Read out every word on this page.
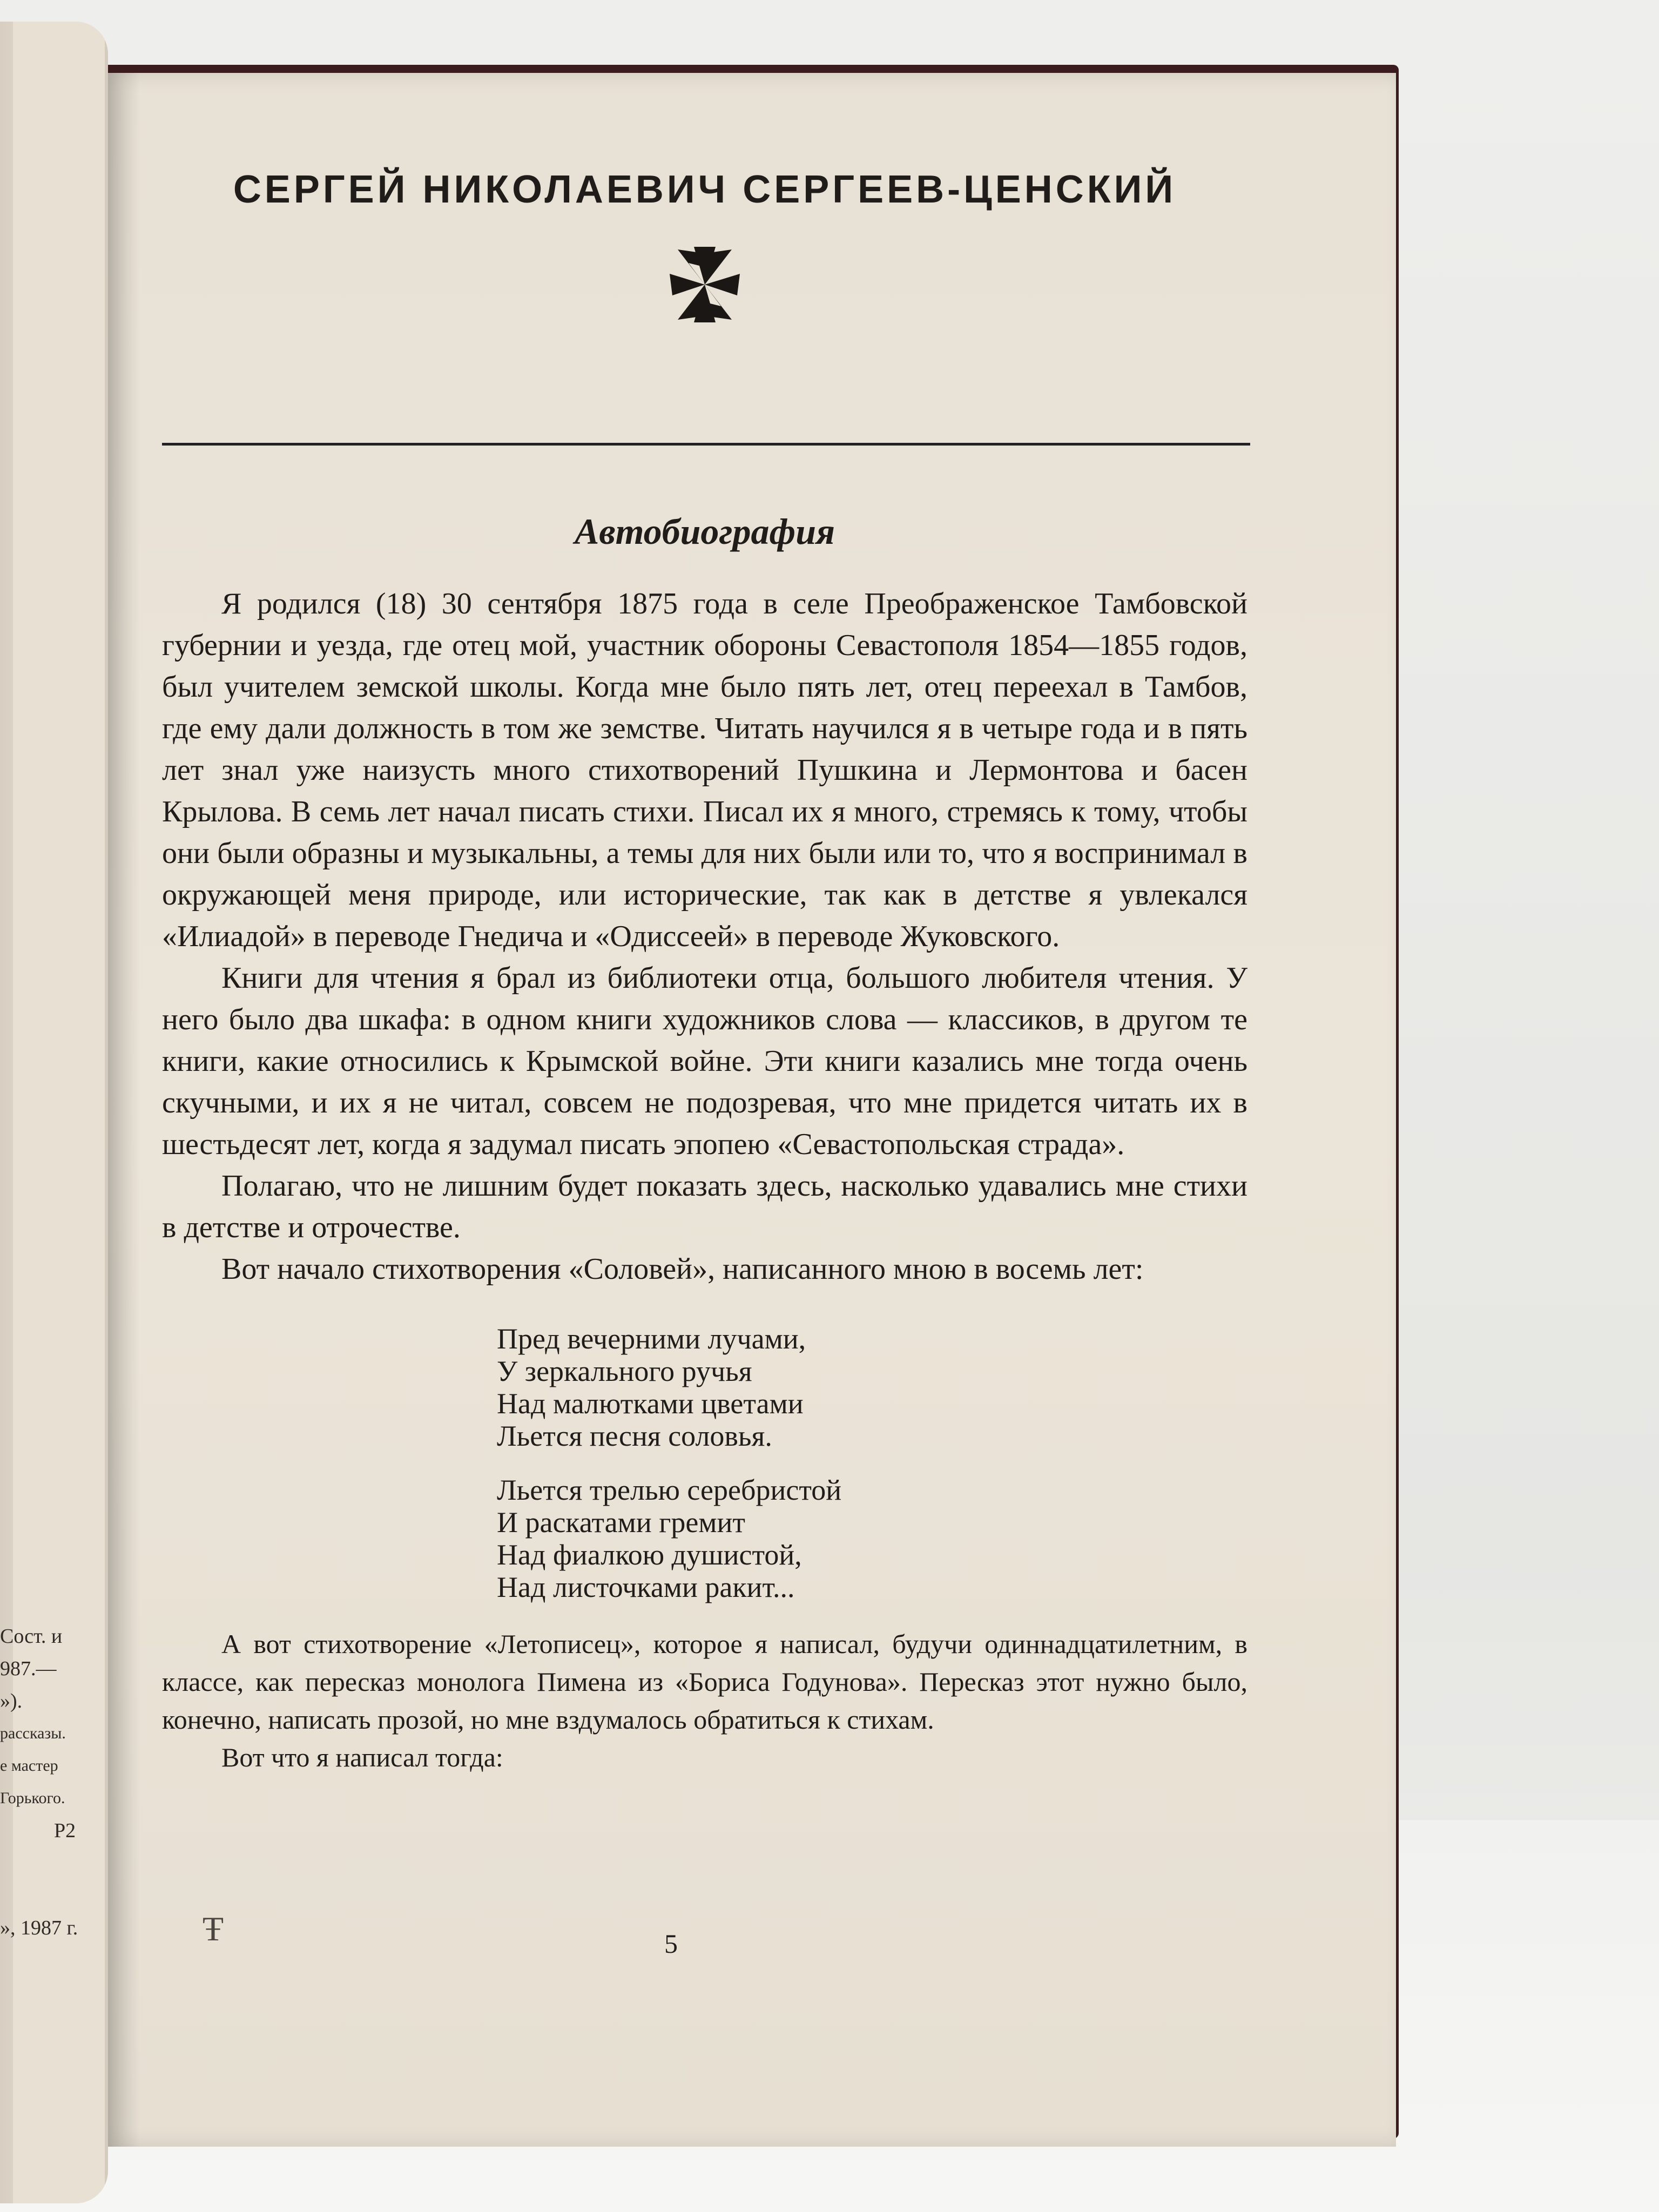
Сост. и
987.—
»).
рассказы.
е мастер
Горького.
Р2
», 1987 г.
СЕРГЕЙ НИКОЛАЕВИЧ СЕРГЕЕВ-ЦЕНСКИЙ
Автобиография

Я родился (18) 30 сентября 1875 года в селе Преображенское Тамбовской губернии и уезда, где отец мой, участник обороны Севастополя 1854—1855 годов, был учителем земской школы. Когда мне было пять лет, отец переехал в Тамбов, где ему дали должность в том же земстве. Читать научился я в четыре года и в пять лет знал уже наизусть много стихотворений Пушкина и Лермонтова и басен Крылова. В семь лет начал писать стихи. Писал их я много, стремясь к тому, чтобы они были образны и музыкальны, а темы для них были или то, что я воспринимал в окружающей меня природе, или исторические, так как в детстве я увлекался «Илиадой» в переводе Гнедича и «Одиссеей» в переводе Жуковского.

Книги для чтения я брал из библиотеки отца, большого любителя чтения. У него было два шкафа: в одном книги художников слова — классиков, в другом те книги, какие относились к Крымской войне. Эти книги казались мне тогда очень скучными, и их я не читал, совсем не подозревая, что мне придется читать их в шестьдесят лет, когда я задумал писать эпопею «Севастопольская страда».

Полагаю, что не лишним будет показать здесь, насколько удавались мне стихи в детстве и отрочестве.

Вот начало стихотворения «Соловей», написанного мною в восемь лет:

Пред вечерними лучами,
У зеркального ручья
Над малютками цветами
Льется песня соловья.
Льется трелью серебристой
И раскатами гремит
Над фиалкою душистой,
Над листочками ракит...

А вот стихотворение «Летописец», которое я написал, будучи одиннадцатилетним, в классе, как пересказ монолога Пимена из «Бориса Годунова». Пересказ этот нужно было, конечно, написать прозой, но мне вздумалось обратиться к стихам.

Вот что я написал тогда:

Ŧ	5
